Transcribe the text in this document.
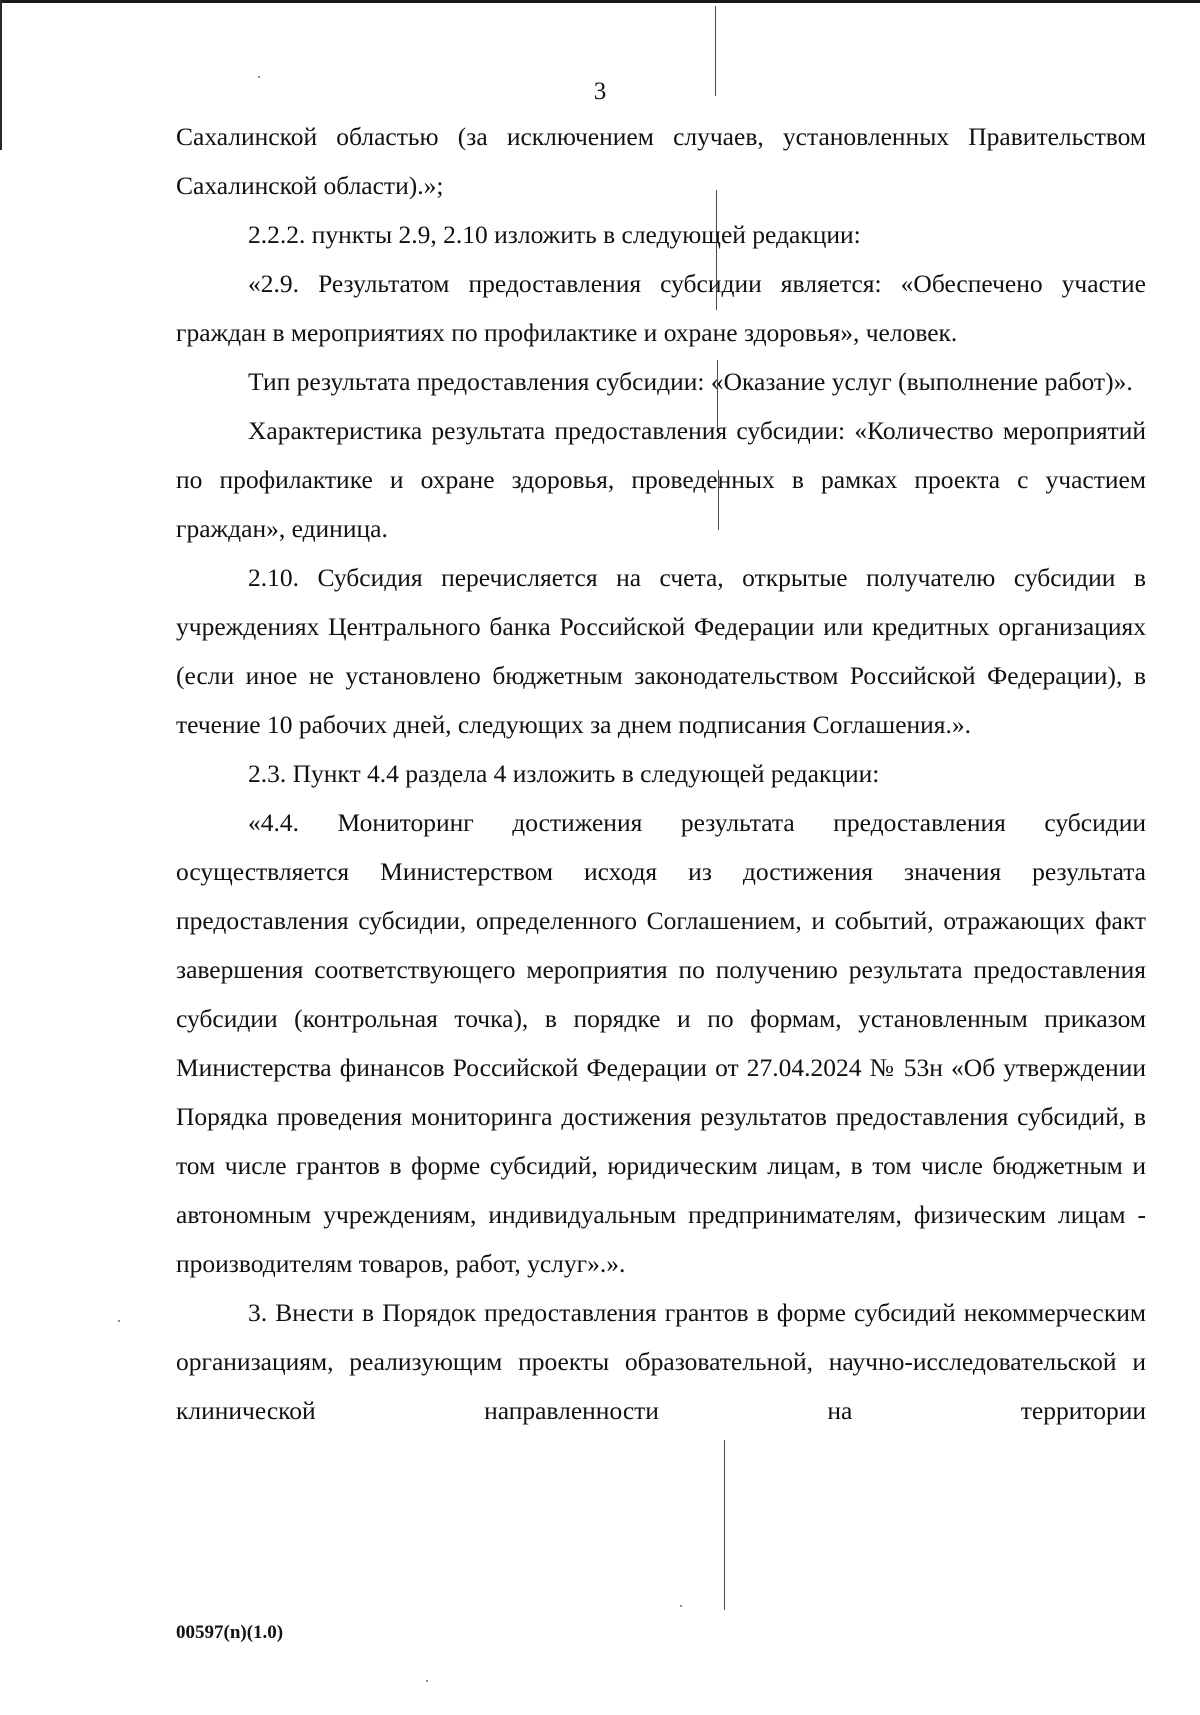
3

Сахалинской областью (за исключением случаев, установленных Правительством Сахалинской области).»;

2.2.2. пункты 2.9, 2.10 изложить в следующей редакции:

«2.9. Результатом предоставления субсидии является: «Обеспечено участие граждан в мероприятиях по профилактике и охране здоровья», человек.

Тип результата предоставления субсидии: «Оказание услуг (выполнение работ)».

Характеристика результата предоставления субсидии: «Количество мероприятий по профилактике и охране здоровья, проведенных в рамках проекта с участием граждан», единица.

2.10. Субсидия перечисляется на счета, открытые получателю субсидии в учреждениях Центрального банка Российской Федерации или кредитных организациях (если иное не установлено бюджетным законодательством Российской Федерации), в течение 10 рабочих дней, следующих за днем подписания Соглашения.».

2.3. Пункт 4.4 раздела 4 изложить в следующей редакции:

«4.4. Мониторинг достижения результата предоставления субсидии осуществляется Министерством исходя из достижения значения результата предоставления субсидии, определенного Соглашением, и событий, отражающих факт завершения соответствующего мероприятия по получению результата предоставления субсидии (контрольная точка), в порядке и по формам, установленным приказом Министерства финансов Российской Федерации от 27.04.2024 № 53н «Об утверждении Порядка проведения мониторинга достижения результатов предоставления субсидий, в том числе грантов в форме субсидий, юридическим лицам, в том числе бюджетным и автономным учреждениям, индивидуальным предпринимателям, физическим лицам - производителям товаров, работ, услуг».».

3. Внести в Порядок предоставления грантов в форме субсидий некоммерческим организациям, реализующим проекты образовательной, научно-исследовательской и клинической направленности на территории

00597(n)(1.0)
